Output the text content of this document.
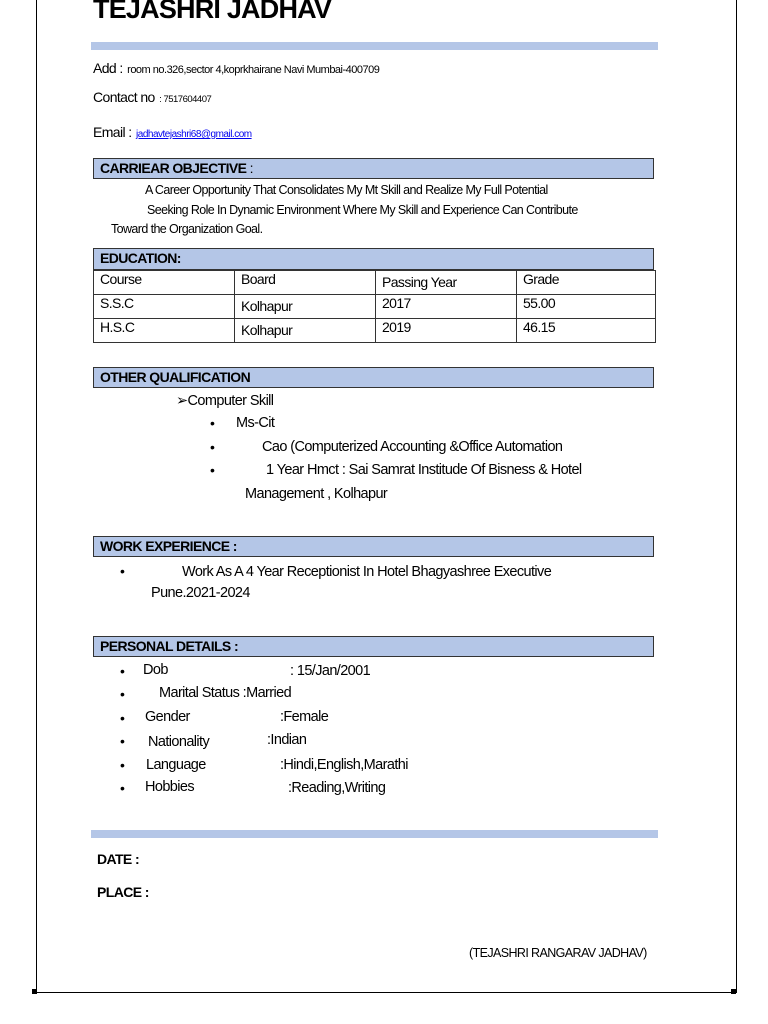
TEJASHRI JADHAV
Add : room no.326,sector 4,koprkhairane Navi Mumbai-400709
Contact no : 7517604407
Email : jadhavtejashri68@gmail.com
CARRIEAR OBJECTIVE :
A Career Opportunity That Consolidates My Mt Skill and Realize My Full Potential
Seeking Role In Dynamic Environment Where My Skill and Experience Can Contribute
Toward the Organization Goal.
EDUCATION:
Course	Board	Passing Year	Grade
S.S.C	Kolhapur	2017	55.00
H.S.C	Kolhapur	2019	46.15
OTHER QUALIFICATION
➢Computer Skill
• Ms-Cit
•	Cao (Computerized Accounting &Office Automation
•	1 Year Hmct : Sai Samrat Institude Of Bisness & Hotel
Management , Kolhapur
WORK EXPERIENCE :
•	Work As A 4 Year Receptionist In Hotel Bhagyashree Executive
Pune.2021-2024
PERSONAL DETAILS :
• Dob	: 15/Jan/2001
• Marital Status :Married
• Gender	:Female
• Nationality	:Indian
• Language	:Hindi,English,Marathi
• Hobbies	:Reading,Writing
DATE :
PLACE :
(TEJASHRI RANGARAV JADHAV)
